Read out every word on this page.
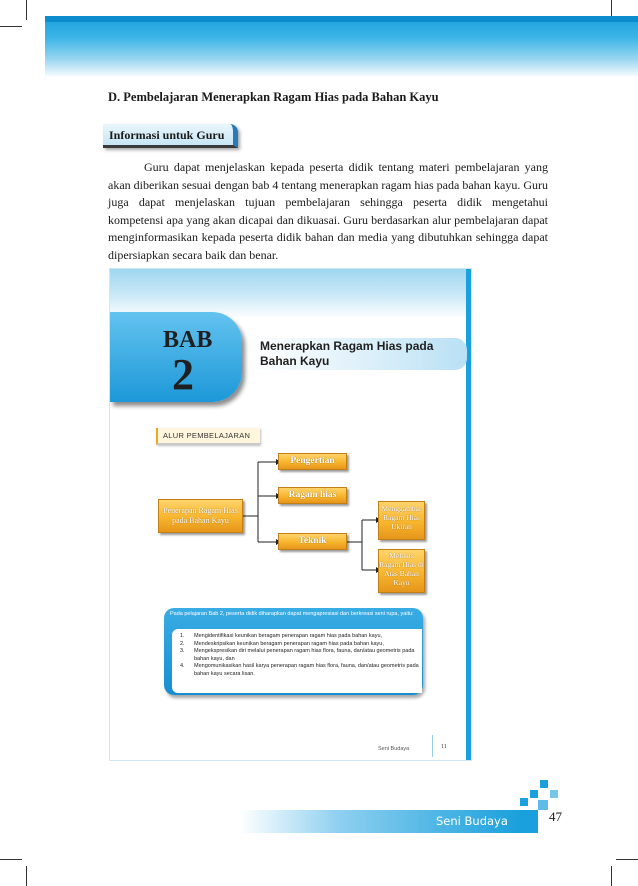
D. Pembelajaran Menerapkan Ragam Hias pada Bahan Kayu
Informasi untuk Guru

Guru dapat menjelaskan kepada peserta didik tentang materi pembelajaran yang akan diberikan sesuai dengan bab 4 tentang menerapkan ragam hias pada bahan kayu. Guru juga dapat menjelaskan tujuan pembelajaran sehingga peserta didik mengetahui kompetensi apa yang akan dicapai dan dikuasai. Guru berdasarkan alur pembelajaran dapat menginformasikan kepada peserta didik bahan dan media yang dibutuhkan sehingga dapat dipersiapkan secara baik dan benar.

BAB
2
Menerapkan Ragam Hias pada Bahan Kayu
ALUR PEMBELAJARAN
Penerapan Ragam Hias pada Bahan Kayu
Pengertian
Ragam hias
Teknik
Menggambar Ragam Hias Ukiran
Melukis Ragam Hias di Atas Bahan Kayu
Pada pelajaran Bab 2, peserta didik diharapkan dapat mengapresiasi dan berkreasi seni rupa, yaitu:
1. Mengidentifikasi keunikan beragam penerapan ragam hias pada bahan kayu,
2. Mendeskripsikan keunikan beragam penerapan ragam hias pada bahan kayu,
3. Mengekspresikan diri melalui penerapan ragam hias flora, fauna, dan/atau geometris pada bahan kayu, dan
4. Mengomunikasikan hasil karya penerapan ragam hias flora, fauna, dan/atau geometris pada bahan kayu secara lisan.
Seni Budaya	11
Seni Budaya	47
